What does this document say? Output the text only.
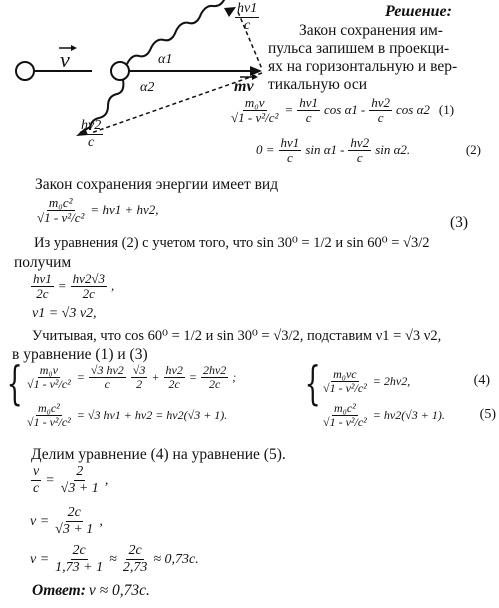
v
mv
α1
α2
$\frac{h\nu 1}{c}$
$\frac{h\nu 2}{c}$
Решение:
Закон сохранения им-
пульса запишем в проекци-
ях на горизонтальную и вер-
тикальную оси
$\frac{\text{m₀v}}{\text{√1 - v²/c²}} = \frac{h\nu 1}{c}$ $\cos \alpha 1 - \frac{h\nu 2}{c}$ cos α2 (1)
$0 = \frac{h\nu 1}{c}$ $\sin \alpha 1 - \frac{h\nu 2}{c}$ sin α2.	(2)
Закон сохранения энергии имеет вид
$\frac{\text{m₀c²}}{\text{√1 - v²/c²}} = h\nu 1 + h\nu 2$,
(3)
Из уравнения (2) с учетом того, что sin 30⁰ = 1/2 и sin 60⁰ = √3/2
получим
$\frac{h\nu 1}{2c} = \frac{h\nu 2√3}{2c}$ ,
ν1 = √3 ν2,
Учитывая, что cos 60⁰ = 1/2 и sin 30⁰ = √3/2, подставим ν1 = √3 ν2,
в уравнение (1) и (3)
{ $\frac{\text{m₀v}}{\text{√1 - v²/c²}} = \frac{√3 h\nu 2}{c} \frac{√3}{2} + \frac{h\nu 2}{2c} = \frac{2h\nu 2}{2c}$ ;
$\frac{\text{m₀c²}}{\text{√1 - v²/c²}} = √3$ hν1 + hν2 = hν2(√3 + 1).
{ $\frac{\text{m₀vc}}{\text{√1 - v²/c²}} = 2h\nu 2$,	(4)
$\frac{\text{m₀c²}}{\text{√1 - v²/c²}} = h\nu 2(√3 + 1)$. (5)
Делим уравнение (4) на уравнение (5).
$\frac{v}{c} = \frac{2}{√3 + 1}$ ,
$v = \frac{2c}{√3 + 1}$ ,
$v = \frac{2c}{1,73 + 1} \approx \frac{2c}{2,73} \approx 0,73c$.
Ответ: v ≈ 0,73c.
